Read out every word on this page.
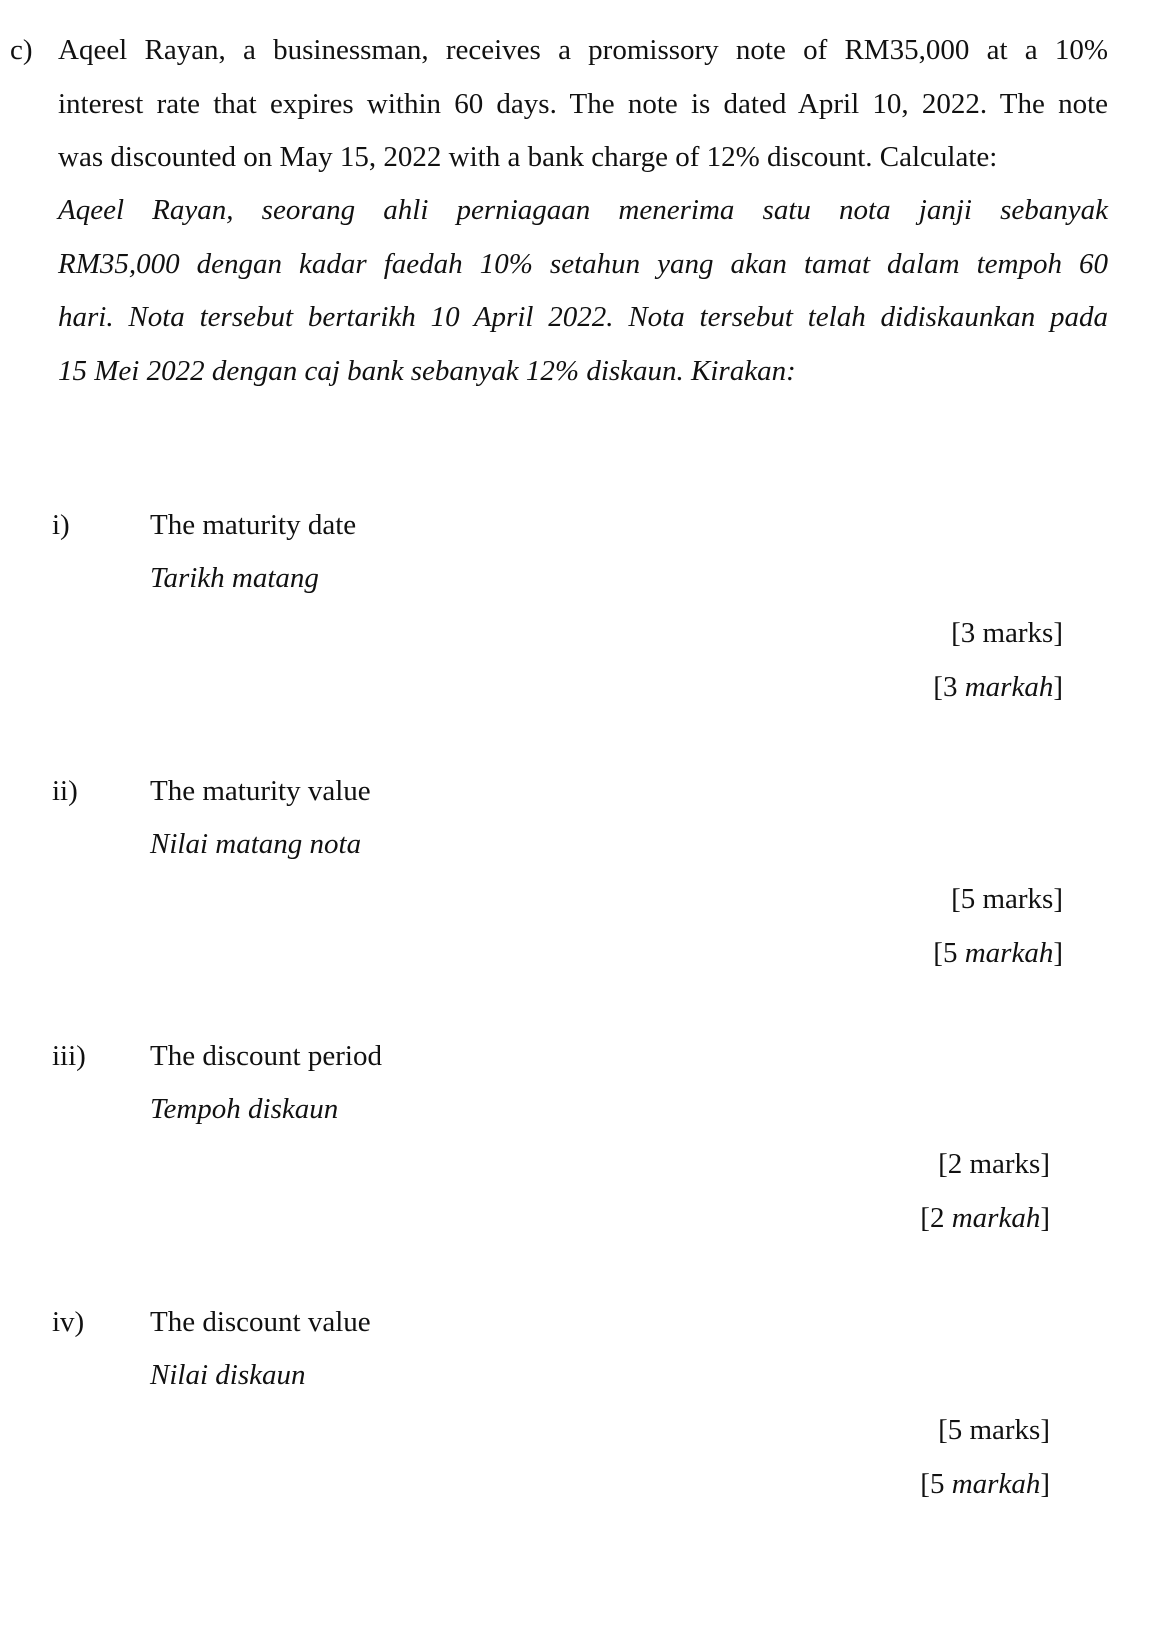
c) Aqeel Rayan, a businessman, receives a promissory note of RM35,000 at a 10%
interest rate that expires within 60 days. The note is dated April 10, 2022. The note
was discounted on May 15, 2022 with a bank charge of 12% discount. Calculate:
Aqeel Rayan, seorang ahli perniagaan menerima satu nota janji sebanyak
RM35,000 dengan kadar faedah 10% setahun yang akan tamat dalam tempoh 60
hari. Nota tersebut bertarikh 10 April 2022. Nota tersebut telah didiskaunkan pada
15 Mei 2022 dengan caj bank sebanyak 12% diskaun. Kirakan:
i)	The maturity date
Tarikh matang
[3 marks]
[3 markah]
ii) The maturity value
Nilai matang nota
[5 marks]
[5 markah]
iii) The discount period
Tempoh diskaun
[2 marks]
[2 markah]
iv) The discount value
Nilai diskaun
[5 marks]
[5 markah]
